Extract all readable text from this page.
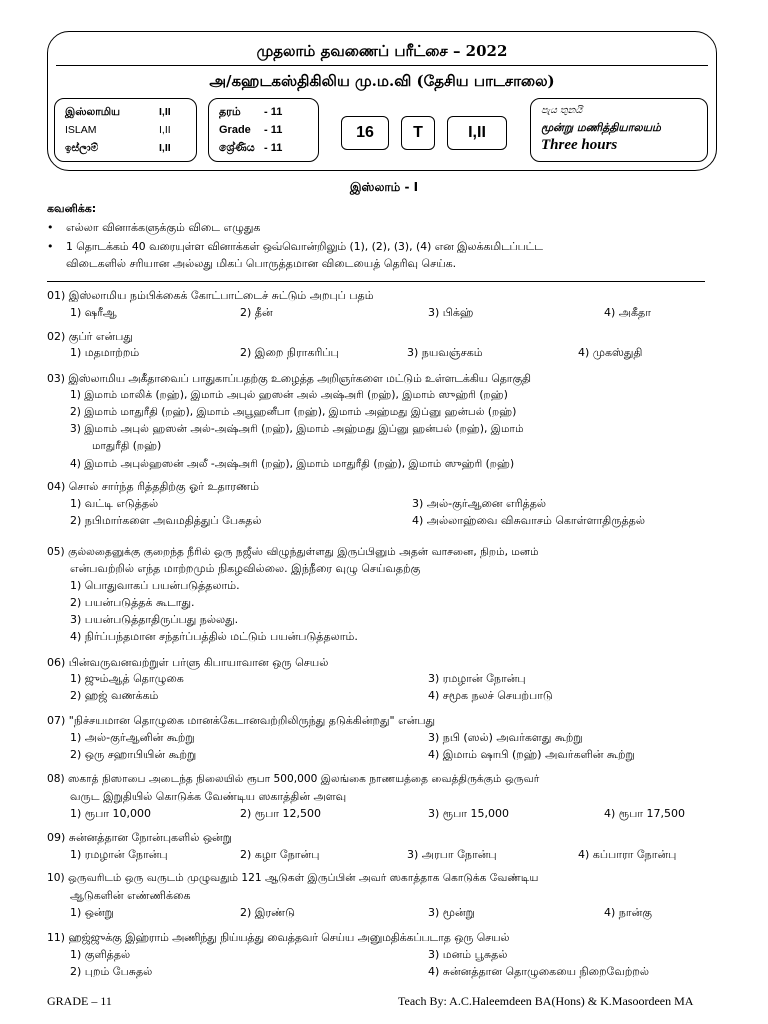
முதலாம் தவணைப் பரீட்சை – 2022
அ/கஹடகஸ்திகிலிய மு.ம.வி (தேசிய பாடசாலை)
இஸ்லாமிய	I,II
ISLAM	I,II
ඉස්ලාම්	I,II
தரம் - 11
Grade - 11
ශ්‍රේණිය - 11
16	T	I,II
පැය තුනයි
மூன்று மணித்தியாலயம்
Three hours
இஸ்லாம் - I
கவனிக்க:
• எல்லா வினாக்களுக்கும் விடை எழுதுக
• 1 தொடக்கம் 40 வரையுள்ள வினாக்கள் ஒவ்வொன்றிலும் (1), (2), (3), (4) என இலக்கமிடப்பட்ட
விடைகளில் சரியான அல்லது மிகப் பொருத்தமான விடையைத் தெரிவு செய்க.
01) இஸ்லாமிய நம்பிக்கைக் கோட்பாட்டைச் சுட்டும் அறபுப் பதம்
1) ஷரீஆ	2) தீன்	3) பிக்ஹ்	4) அகீதா
02) குப்ர் என்பது
1) மதமாற்றம்	2) இறை நிராகரிப்பு	3) நயவஞ்சகம்	4) முகஸ்துதி
03) இஸ்லாமிய அகீதாவைப் பாதுகாப்பதற்கு உழைத்த அறிஞர்களை மட்டும் உள்ளடக்கிய தொகுதி
1) இமாம் மாலிக் (றஹ்), இமாம் அபுல் ஹஸன் அல் அஷ்அரி (றஹ்), இமாம் ஸுஹ்ரி (றஹ்)
2) இமாம் மாதுரீதி (றஹ்), இமாம் அபூஹனீபா (றஹ்), இமாம் அஹ்மது இப்னு ஹன்பல் (றஹ்)
3) இமாம் அபுல் ஹஸன் அல்-அஷ்அரி (றஹ்), இமாம் அஹ்மது இப்னு ஹன்பல் (றஹ்), இமாம்
மாதுரீதி (றஹ்)
4) இமாம் அபுல்ஹஸன் அலீ -அஷ்அரி (றஹ்), இமாம் மாதுரீதி (றஹ்), இமாம் ஸுஹ்ரி (றஹ்)
04) சொல் சார்ந்த ரித்ததிற்கு ஓர் உதாரணம்
1) வட்டி எடுத்தல்	3) அல்-குர்ஆனை எரித்தல்
2) நபிமார்களை அவமதித்துப் பேசுதல்	4) அல்லாஹ்வை விசுவாசம் கொள்ளாதிருத்தல்
05) குல்லதைனுக்கு குறைந்த நீரில் ஒரு நஜீஸ் விழுந்துள்ளது இருப்பினும் அதன் வாசனை, நிறம், மனம்
என்பவற்றில் எந்த மாற்றமும் நிகழவில்லை. இந்நீரை வுழு செய்வதற்கு
1) பொதுவாகப் பயன்படுத்தலாம்.
2) பயன்படுத்தக் கூடாது.
3) பயன்படுத்தாதிருப்பது நல்லது.
4) நிர்ப்பந்தமான சந்தர்ப்பத்தில் மட்டும் பயன்படுத்தலாம்.
06) பின்வருவனவற்றுள் பர்ளு கிபாயாவான ஒரு செயல்
1) ஜும்ஆத் தொழுகை	3) ரமழான் நோன்பு
2) ஹஜ் வணக்கம்	4) சமூக நலச் செயற்பாடு
07) "நிச்சயமான தொழுகை மானக்கேடானவற்றிலிருந்து தடுக்கின்றது" என்பது
1) அல்-குர்ஆனின் கூற்று	3) நபி (ஸல்) அவர்களது கூற்று
2) ஒரு சஹாபியின் கூற்று	4) இமாம் ஷாபி (றஹ்) அவர்களின் கூற்று
08) ஸகாத் நிஸாபை அடைந்த நிலையில் ரூபா 500,000 இலங்கை நாணயத்தை வைத்திருக்கும் ஒருவர்
வருட இறுதியில் கொடுக்க வேண்டிய ஸகாத்தின் அளவு
1) ரூபா 10,000	2) ரூபா 12,500	3) ரூபா 15,000	4) ரூபா 17,500
09) சுன்னத்தான நோன்புகளில் ஒன்று
1) ரமழான் நோன்பு	2) கழா நோன்பு	3) அரபா நோன்பு	4) கப்பாரா நோன்பு
10) ஒருவரிடம் ஒரு வருடம் முழுவதும் 121 ஆடுகள் இருப்பின் அவர் ஸகாத்தாக கொடுக்க வேண்டிய
ஆடுகளின் எண்ணிக்கை
1) ஒன்று	2) இரண்டு	3) மூன்று	4) நான்கு
11) ஹஜ்ஜுக்கு இஹ்ராம் அணிந்து நிய்யத்து வைத்தவர் செய்ய அனுமதிக்கப்படாத ஒரு செயல்
1) குளித்தல்	3) மனம் பூசுதல்
2) புறம் பேசுதல்	4) சுன்னத்தான தொழுகையை நிறைவேற்றல்
GRADE – 11	Teach By: A.C.Haleemdeen BA(Hons) & K.Masoordeen MA
